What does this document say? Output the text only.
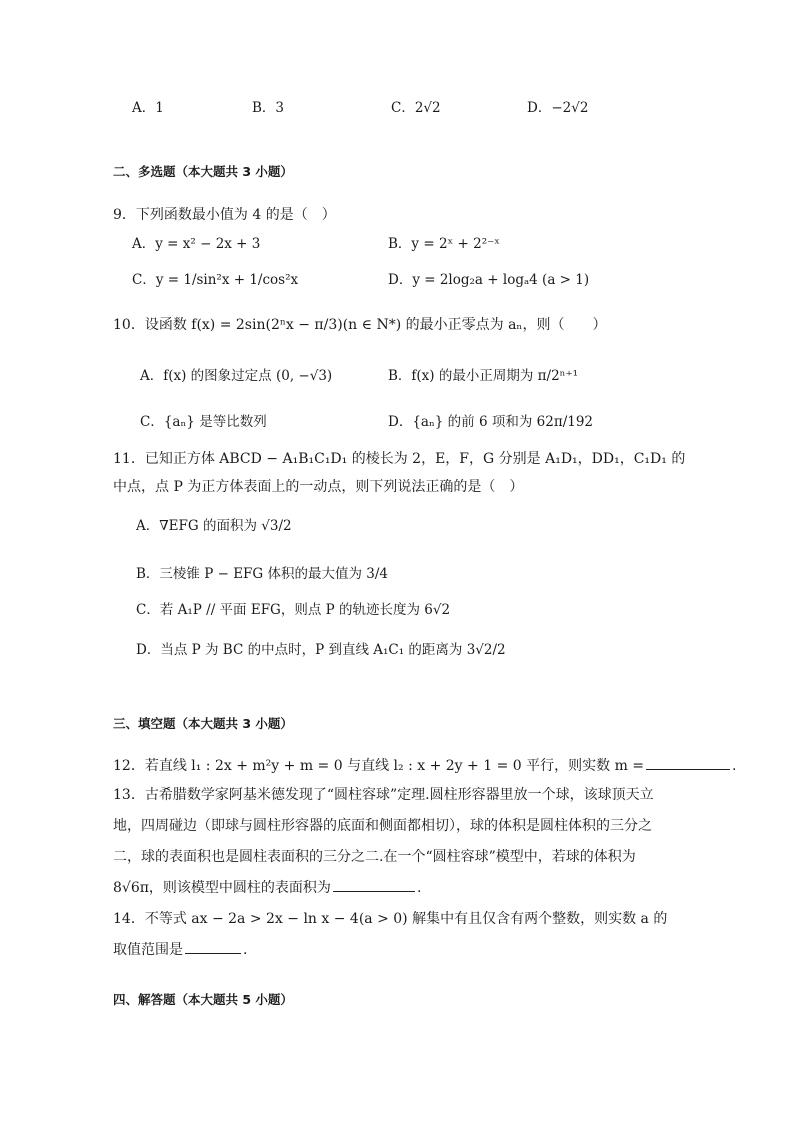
A．1	B．3	C．2√2	D．−2√2
二、多选题（本大题共 3 小题）
9．下列函数最小值为 4 的是（　）
A．y = x² − 2x + 3	B．y = 2ˣ + 2²⁻ˣ
C．y = 1/sin²x + 1/cos²x	D．y = 2log₂a + logₐ4 (a > 1)
10．设函数 f(x) = 2sin(2ⁿx − π/3)(n ∈ N*) 的最小正零点为 aₙ，则（　　）
A．f(x) 的图象过定点 (0, −√3)	B．f(x) 的最小正周期为 π/2ⁿ⁺¹
C．{aₙ} 是等比数列	D．{aₙ} 的前 6 项和为 62π/192
11．已知正方体 ABCD − A₁B₁C₁D₁ 的棱长为 2，E，F，G 分别是 A₁D₁，DD₁，C₁D₁ 的
中点，点 P 为正方体表面上的一动点，则下列说法正确的是（　）
A．∇EFG 的面积为 √3/2
B．三棱锥 P − EFG 体积的最大值为 3/4
C．若 A₁P // 平面 EFG，则点 P 的轨迹长度为 6√2
D．当点 P 为 BC 的中点时，P 到直线 A₁C₁ 的距离为 3√2/2
三、填空题（本大题共 3 小题）
12．若直线 l₁ : 2x + m²y + m = 0 与直线 l₂ : x + 2y + 1 = 0 平行，则实数 m =	.
13．古希腊数学家阿基米德发现了“圆柱容球”定理.圆柱形容器里放一个球，该球顶天立地，四周碰边（即球与圆柱形容器的底面和侧面都相切），球的体积是圆柱体积的三分之二，球的表面积也是圆柱表面积的三分之二.在一个“圆柱容球”模型中，若球的体积为 8√6π，则该模型中圆柱的表面积为	.
14．不等式 ax − 2a > 2x − ln x − 4(a > 0) 解集中有且仅含有两个整数，则实数 a 的取值范围是	.
四、解答题（本大题共 5 小题）
